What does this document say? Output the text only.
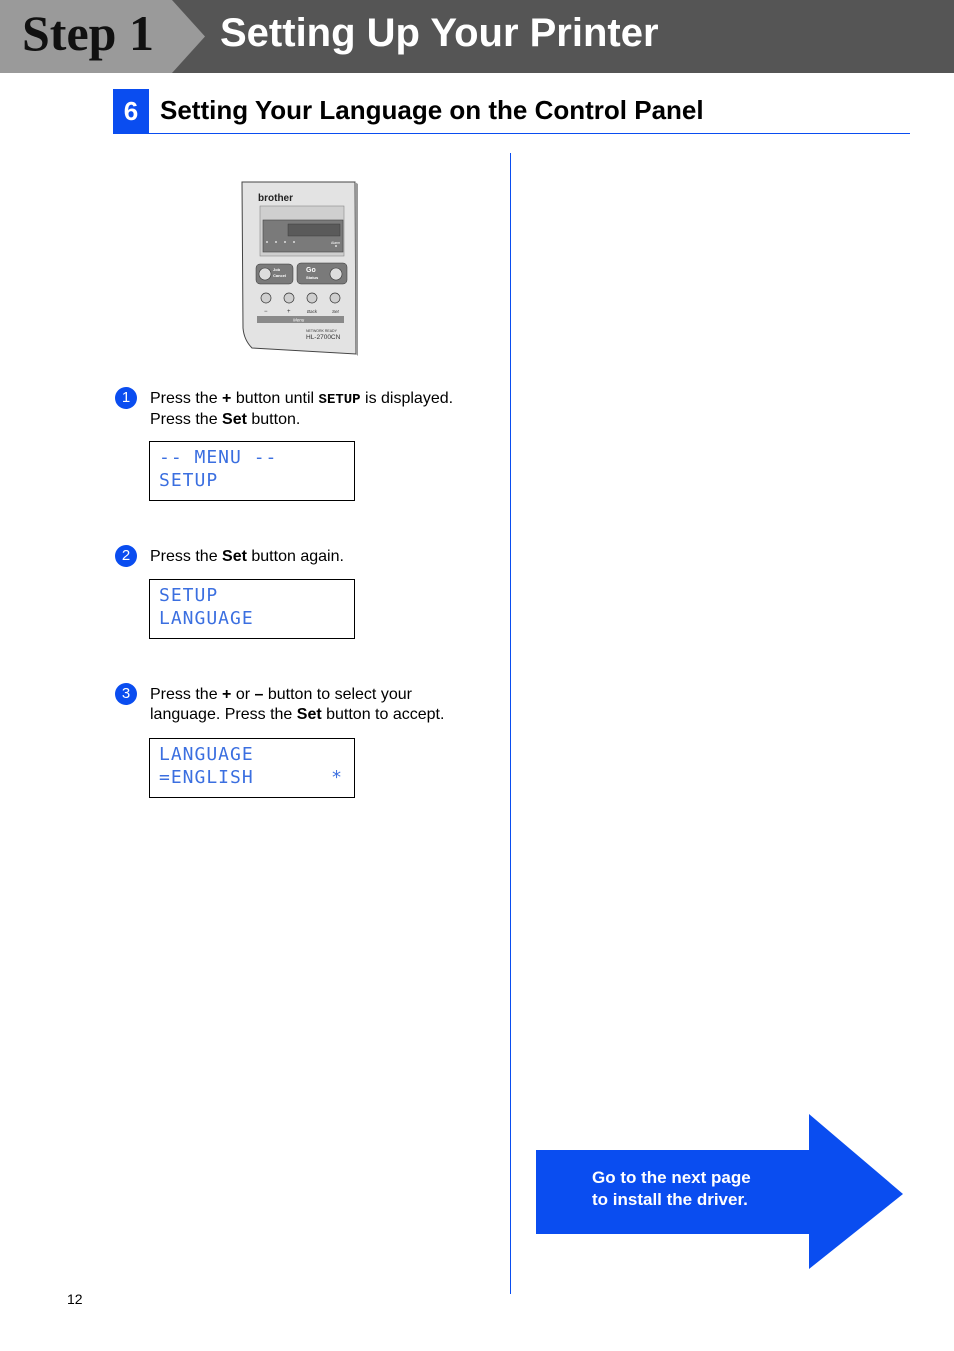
Step 1 Setting Up Your Printer
6 Setting Your Language on the Control Panel
brother
Alarm
Job
Cancel
Go
Status
−	+	Back	Set
Menu
NETWORK READY
HL-2700CN
1	Press the + button until SETUP is displayed.
Press the Set button.
-- MENU --
SETUP
2	Press the Set button again.
SETUP
LANGUAGE
3	Press the + or – button to select your
language. Press the Set button to accept.
LANGUAGE
=ENGLISH	*
Go to the next page
to install the driver.
12
